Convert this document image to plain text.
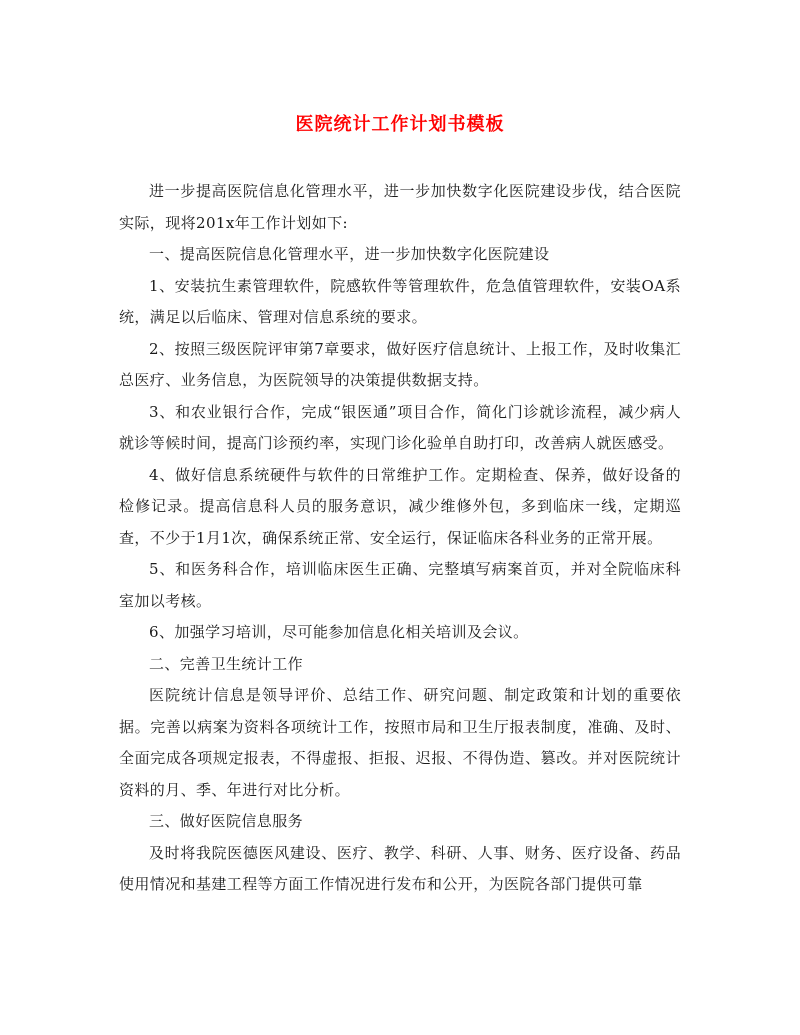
医院统计工作计划书模板

进一步提高医院信息化管理水平，进一步加快数字化医院建设步伐，结合医院实际，现将201x年工作计划如下:

一、提高医院信息化管理水平，进一步加快数字化医院建设

1、安装抗生素管理软件，院感软件等管理软件，危急值管理软件，安装OA系统，满足以后临床、管理对信息系统的要求。

2、按照三级医院评审第7章要求，做好医疗信息统计、上报工作，及时收集汇总医疗、业务信息，为医院领导的决策提供数据支持。

3、和农业银行合作，完成“银医通”项目合作，简化门诊就诊流程，减少病人就诊等候时间，提高门诊预约率，实现门诊化验单自助打印，改善病人就医感受。

4、做好信息系统硬件与软件的日常维护工作。定期检查、保养，做好设备的检修记录。提高信息科人员的服务意识，减少维修外包，多到临床一线，定期巡查，不少于1月1次，确保系统正常、安全运行，保证临床各科业务的正常开展。

5、和医务科合作，培训临床医生正确、完整填写病案首页，并对全院临床科室加以考核。

6、加强学习培训，尽可能参加信息化相关培训及会议。

二、完善卫生统计工作

医院统计信息是领导评价、总结工作、研究问题、制定政策和计划的重要依据。完善以病案为资料各项统计工作，按照市局和卫生厅报表制度，准确、及时、全面完成各项规定报表，不得虚报、拒报、迟报、不得伪造、篡改。并对医院统计资料的月、季、年进行对比分析。

三、做好医院信息服务

及时将我院医德医风建设、医疗、教学、科研、人事、财务、医疗设备、药品使用情况和基建工程等方面工作情况进行发布和公开，为医院各部门提供可靠
